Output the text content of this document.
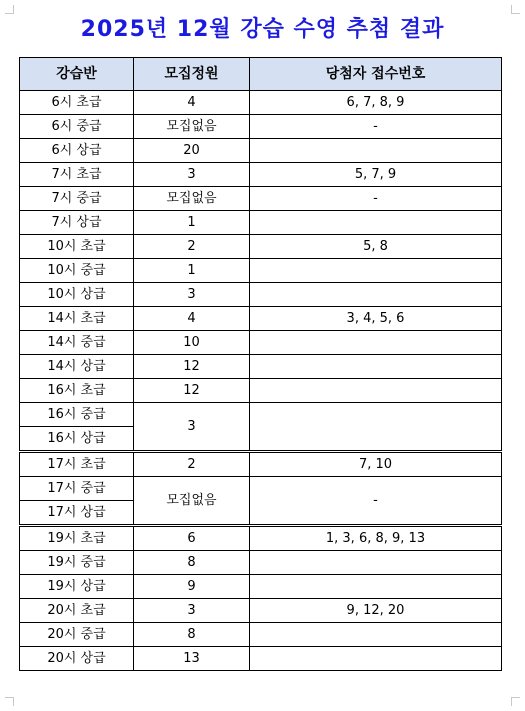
2025년 12월 강습 수영 추첨 결과
강습반	모집정원	당첨자 접수번호
6시 초급	4	6, 7, 8, 9
6시 중급	모집없음	-
6시 상급	20	
7시 초급	3	5, 7, 9
7시 중급	모집없음	-
7시 상급	1	
10시 초급	2	5, 8
10시 중급	1	
10시 상급	3	
14시 초급	4	3, 4, 5, 6
14시 중급	10	
14시 상급	12	
16시 초급	12	
16시 중급	3	
16시 상급		
17시 초급	2	7, 10
17시 중급	모집없음	-
17시 상급		
19시 초급	6	1, 3, 6, 8, 9, 13
19시 중급	8	
19시 상급	9	
20시 초급	3	9, 12, 20
20시 중급	8	
20시 상급	13	
